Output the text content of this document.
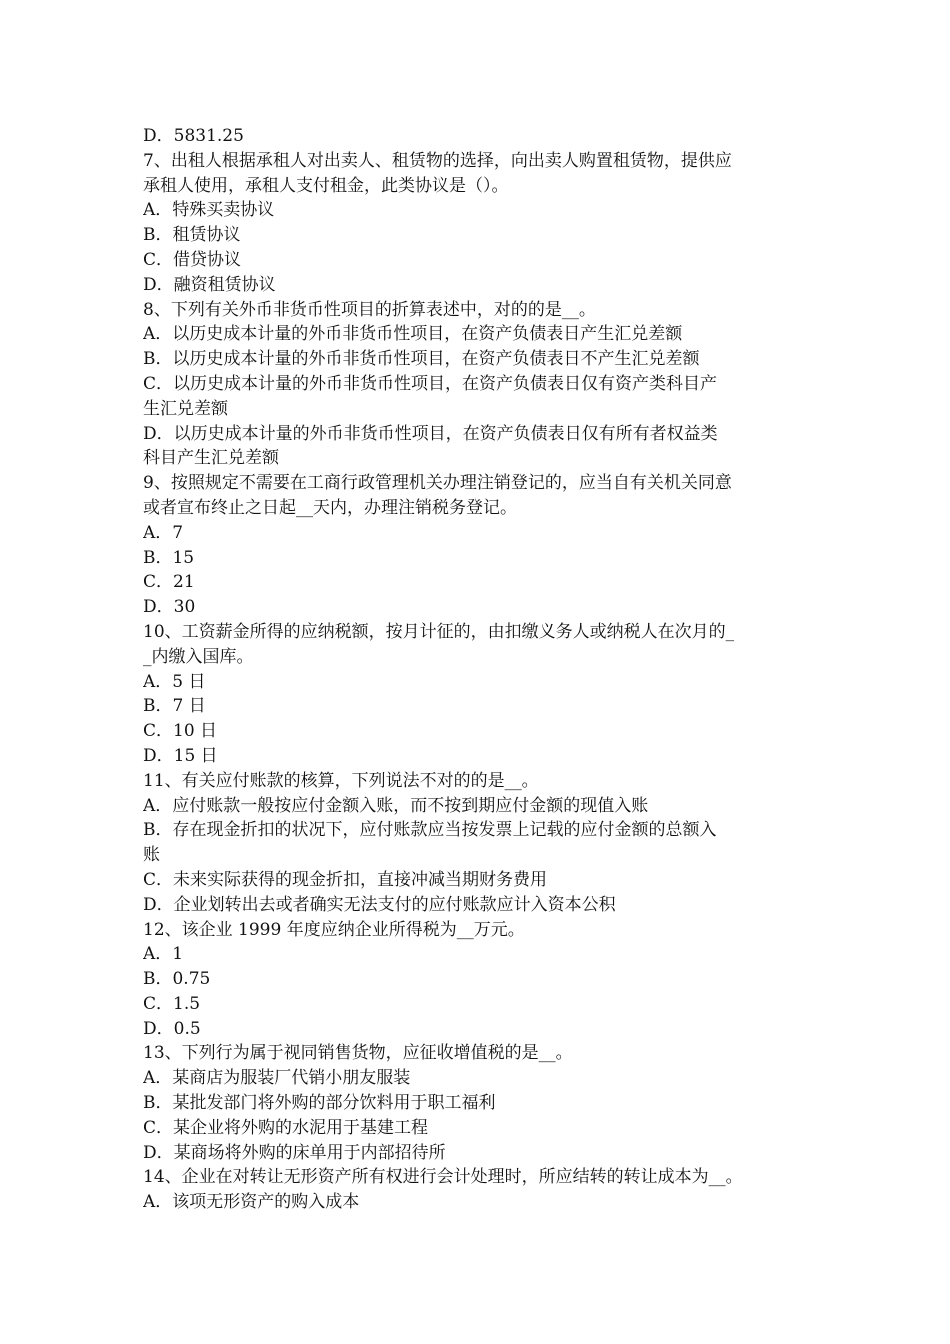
D．5831.25
7、出租人根据承租人对出卖人、租赁物的选择，向出卖人购置租赁物，提供应
承租人使用，承租人支付租金，此类协议是（）。
A．特殊买卖协议
B．租赁协议
C．借贷协议
D．融资租赁协议
8、下列有关外币非货币性项目的折算表述中，对的的是__。
A．以历史成本计量的外币非货币性项目，在资产负债表日产生汇兑差额
B．以历史成本计量的外币非货币性项目，在资产负债表日不产生汇兑差额
C．以历史成本计量的外币非货币性项目，在资产负债表日仅有资产类科目产
生汇兑差额
D．以历史成本计量的外币非货币性项目，在资产负债表日仅有所有者权益类
科目产生汇兑差额
9、按照规定不需要在工商行政管理机关办理注销登记的，应当自有关机关同意
或者宣布终止之日起__天内，办理注销税务登记。
A．7
B．15
C．21
D．30
10、工资薪金所得的应纳税额，按月计征的，由扣缴义务人或纳税人在次月的_
_内缴入国库。
A．5 日
B．7 日
C．10 日
D．15 日
11、有关应付账款的核算，下列说法不对的的是__。
A．应付账款一般按应付金额入账，而不按到期应付金额的现值入账
B．存在现金折扣的状况下，应付账款应当按发票上记载的应付金额的总额入
账
C．未来实际获得的现金折扣，直接冲减当期财务费用
D．企业划转出去或者确实无法支付的应付账款应计入资本公积
12、该企业 1999 年度应纳企业所得税为__万元。
A．1
B．0.75
C．1.5
D．0.5
13、下列行为属于视同销售货物，应征收增值税的是__。
A．某商店为服装厂代销小朋友服装
B．某批发部门将外购的部分饮料用于职工福利
C．某企业将外购的水泥用于基建工程
D．某商场将外购的床单用于内部招待所
14、企业在对转让无形资产所有权进行会计处理时，所应结转的转让成本为__。
A．该项无形资产的购入成本
